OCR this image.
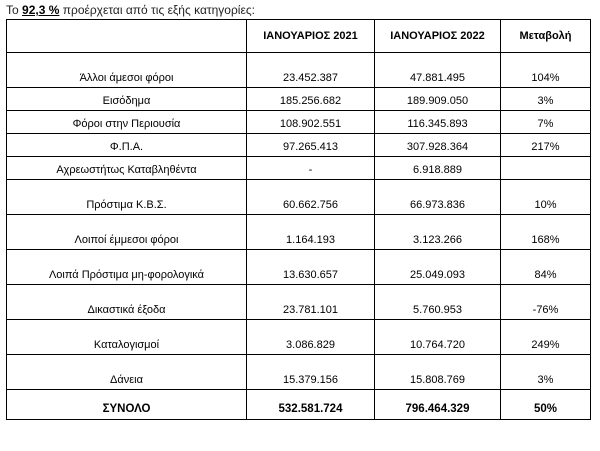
Το 92,3 % προέρχεται από τις εξής κατηγορίες:
	ΙΑΝΟΥΑΡΙΟΣ 2021	ΙΑΝΟΥΑΡΙΟΣ 2022	Μεταβολή
Άλλοι άμεσοι φόροι	23.452.387	47.881.495	104%
Εισόδημα	185.256.682	189.909.050	3%
Φόροι στην Περιουσία	108.902.551	116.345.893	7%
Φ.Π.Α.	97.265.413	307.928.364	217%
Αχρεωστήτως Καταβληθέντα	-	6.918.889	
Πρόστιμα Κ.Β.Σ.	60.662.756	66.973.836	10%
Λοιποί έμμεσοι φόροι	1.164.193	3.123.266	168%
Λοιπά Πρόστιμα μη-φορολογικά	13.630.657	25.049.093	84%
Δικαστικά έξοδα	23.781.101	5.760.953	-76%
Καταλογισμοί	3.086.829	10.764.720	249%
Δάνεια	15.379.156	15.808.769	3%
ΣΥΝΟΛΟ	532.581.724	796.464.329	50%
